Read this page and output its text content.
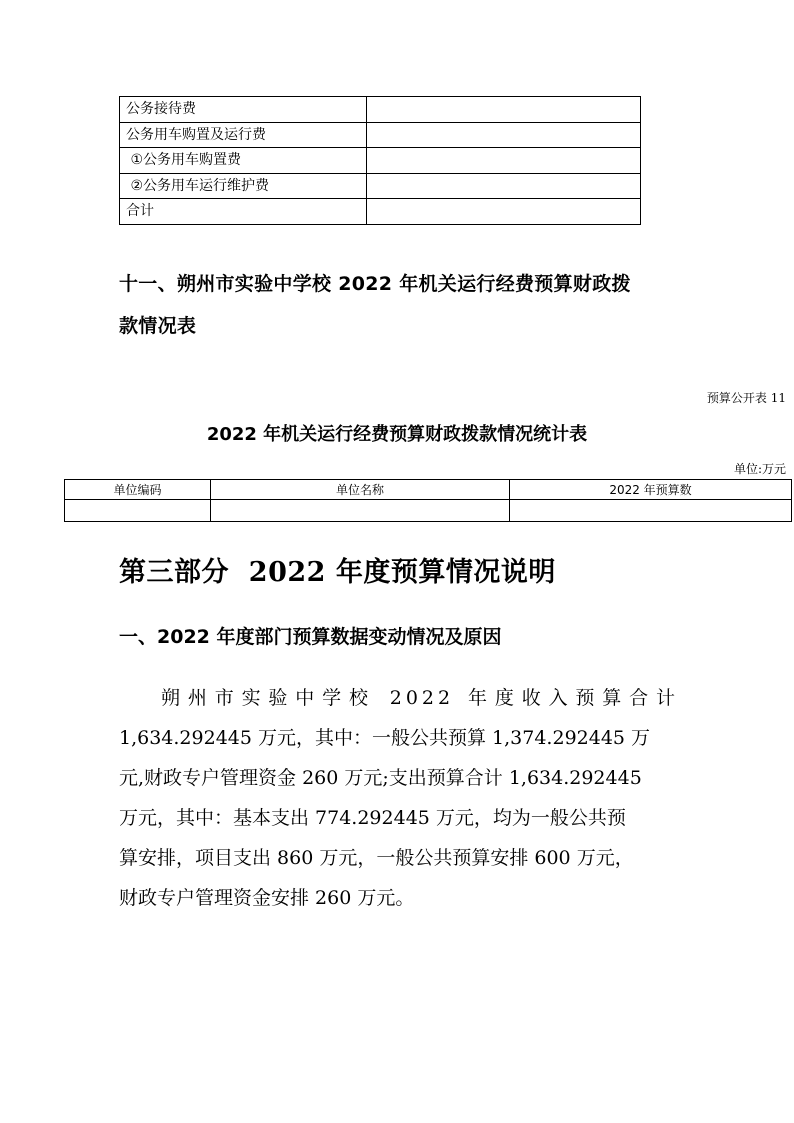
公务接待费	
公务用车购置及运行费	
①公务用车购置费	
②公务用车运行维护费	
合计	
十一、朔州市实验中学校 2022 年机关运行经费预算财政拨
款情况表
预算公开表 11
2022 年机关运行经费预算财政拨款情况统计表
单位:万元
单位编码	单位名称	2022 年预算数

第三部分  2022 年度预算情况说明
一、2022 年度部门预算数据变动情况及原因
朔州市实验中学校 2022 年度收入预算合计
1,634.292445 万元，其中：一般公共预算 1,374.292445 万
元,财政专户管理资金 260 万元;支出预算合计 1,634.292445
万元，其中：基本支出 774.292445 万元，均为一般公共预
算安排，项目支出 860 万元，一般公共预算安排 600 万元，
财政专户管理资金安排 260 万元。
